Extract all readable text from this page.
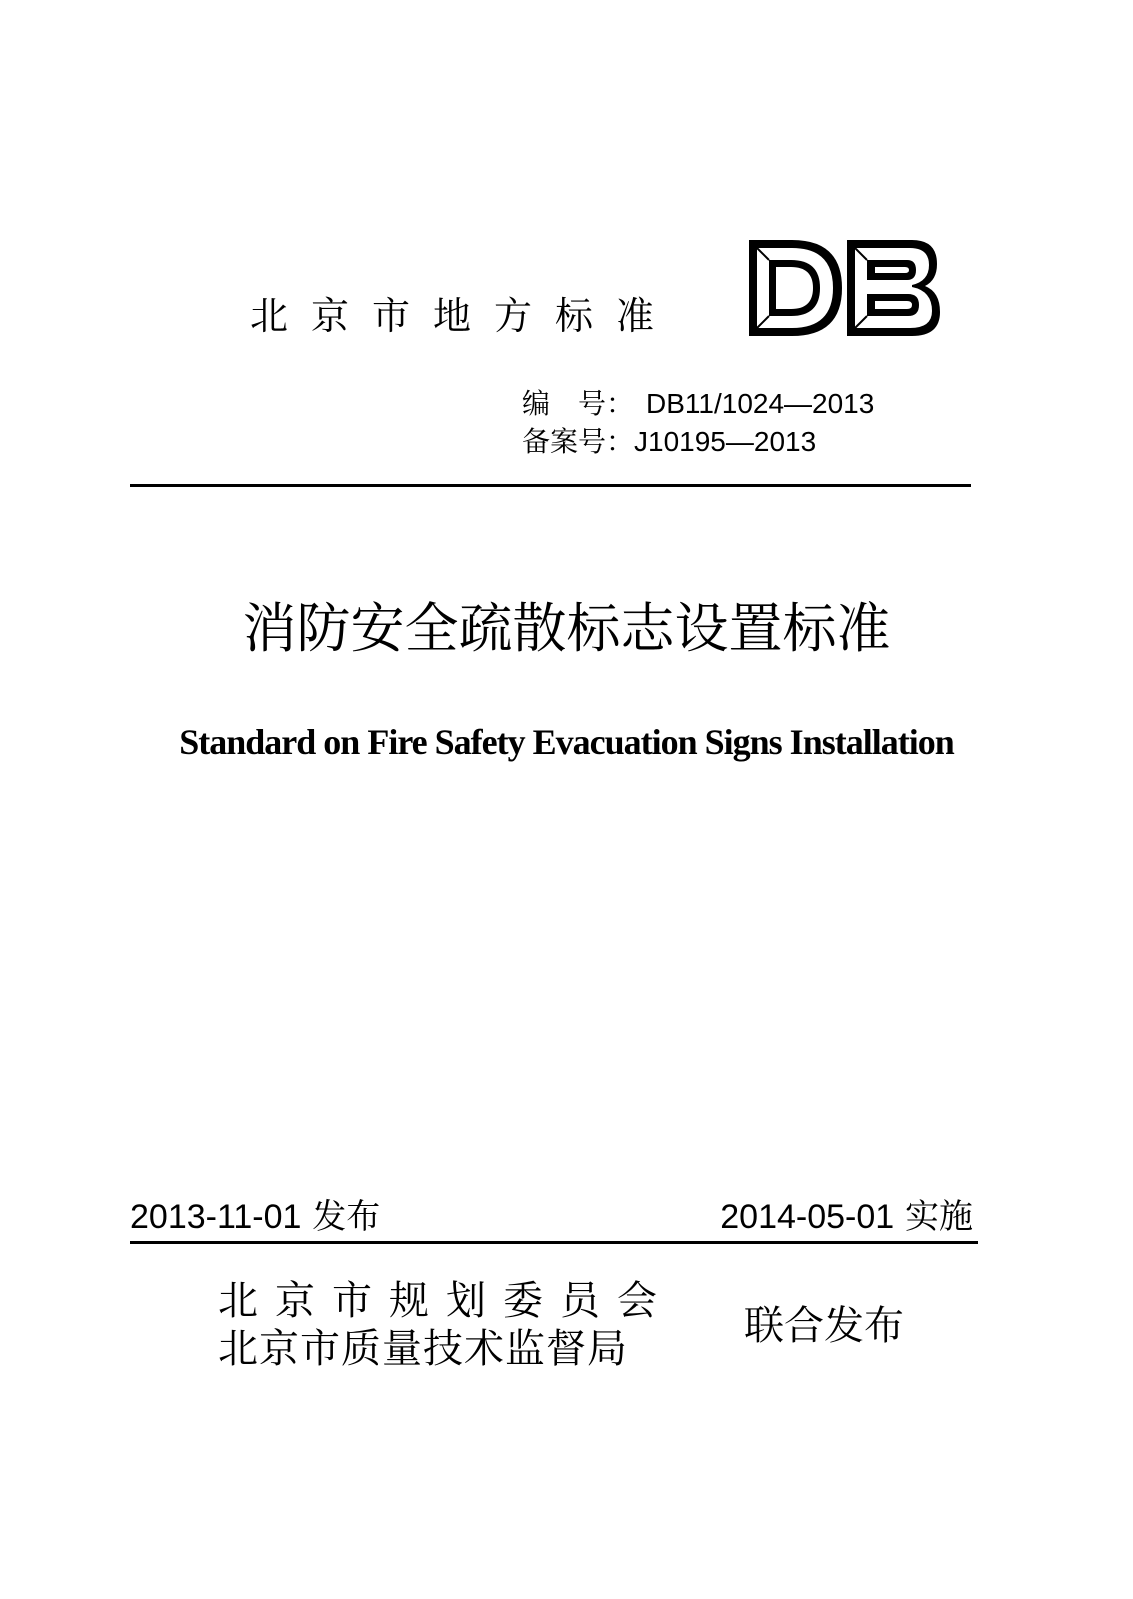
北京市地方标准
编　号： DB11/1024—2013
备案号：J10195—2013
消防安全疏散标志设置标准
Standard on Fire Safety Evacuation Signs Installation
2013-11-01 发布	2014-05-01 实施
北京市规划委员会
北京市质量技术监督局	联合发布
